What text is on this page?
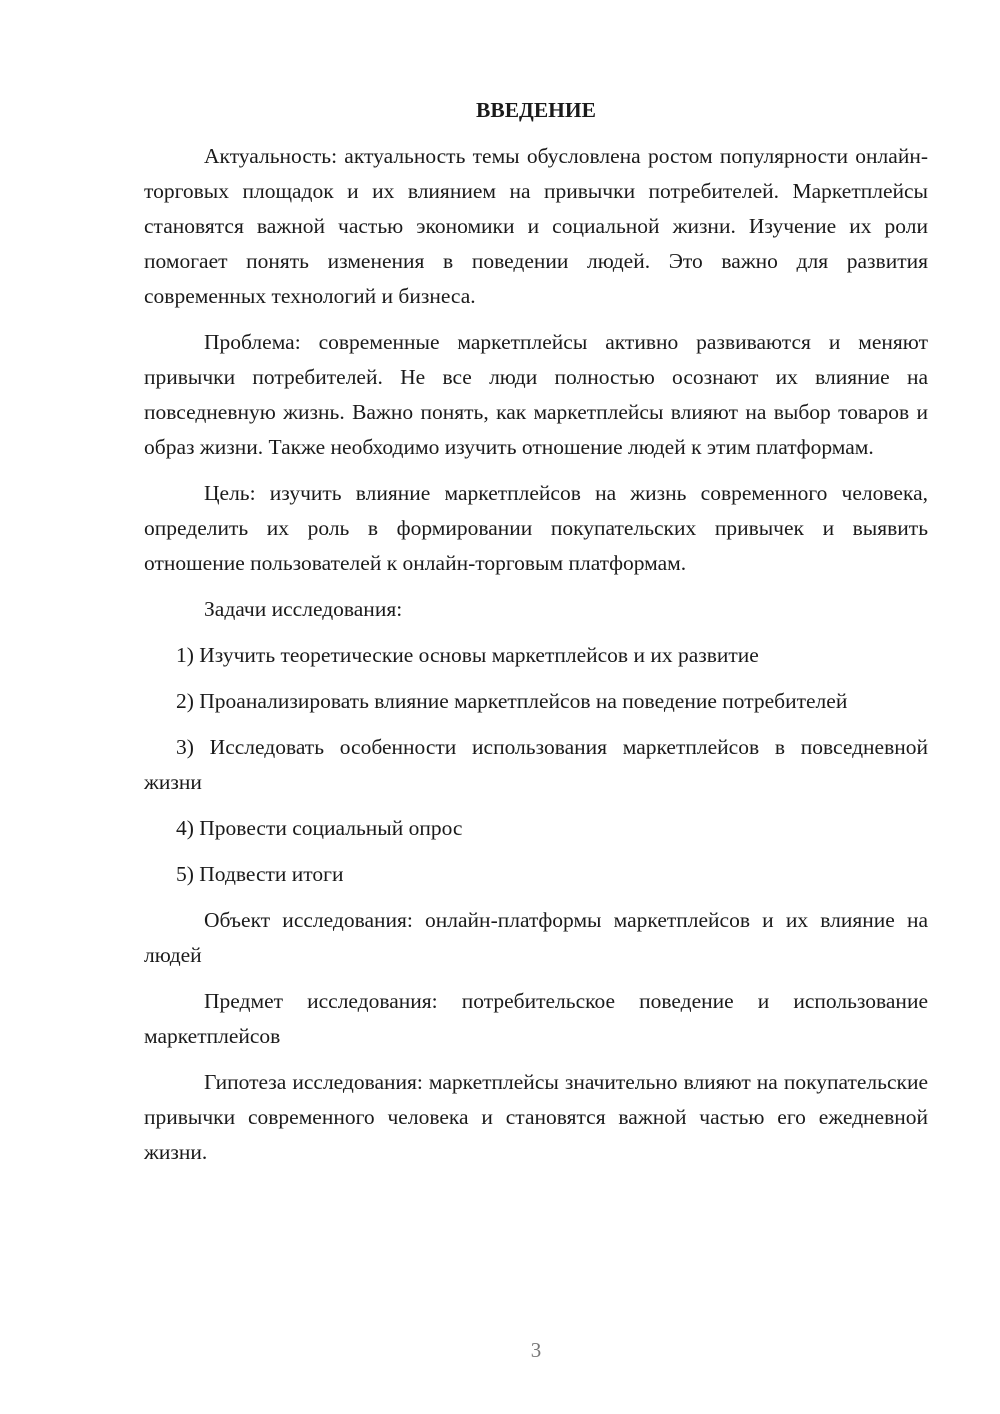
ВВЕДЕНИЕ

Актуальность: актуальность темы обусловлена ростом популярности онлайн-торговых площадок и их влиянием на привычки потребителей. Маркетплейсы становятся важной частью экономики и социальной жизни. Изучение их роли помогает понять изменения в поведении людей. Это важно для развития современных технологий и бизнеса.

Проблема: современные маркетплейсы активно развиваются и меняют привычки потребителей. Не все люди полностью осознают их влияние на повседневную жизнь. Важно понять, как маркетплейсы влияют на выбор товаров и образ жизни. Также необходимо изучить отношение людей к этим платформам.

Цель: изучить влияние маркетплейсов на жизнь современного человека, определить их роль в формировании покупательских привычек и выявить отношение пользователей к онлайн-торговым платформам.

Задачи исследования:

1) Изучить теоретические основы маркетплейсов и их развитие

2) Проанализировать влияние маркетплейсов на поведение потребителей

3) Исследовать особенности использования маркетплейсов в повседневной жизни

4) Провести социальный опрос

5) Подвести итоги

Объект исследования: онлайн-платформы маркетплейсов и их влияние на людей

Предмет исследования: потребительское поведение и использование маркетплейсов

Гипотеза исследования: маркетплейсы значительно влияют на покупательские привычки современного человека и становятся важной частью его ежедневной жизни.

3
